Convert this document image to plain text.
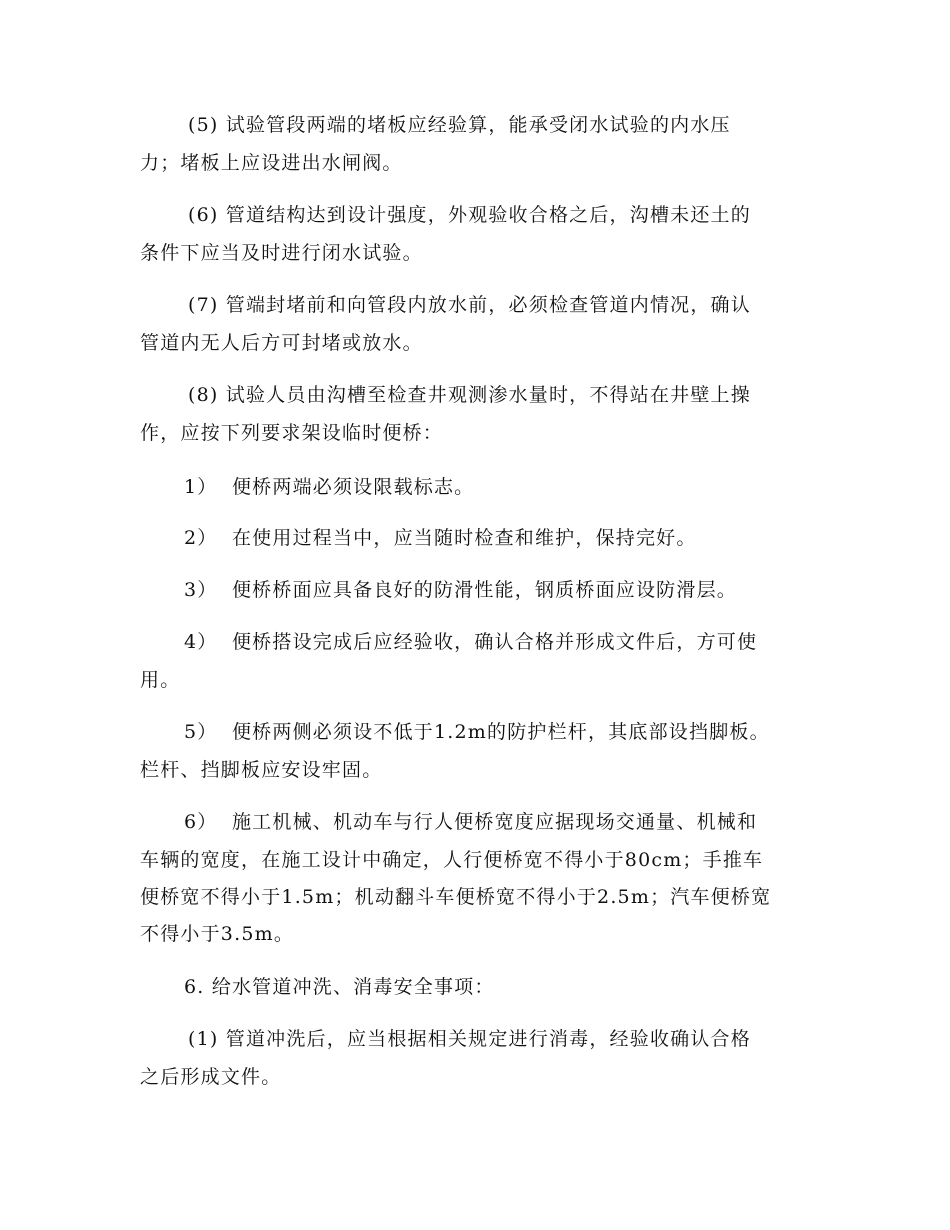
(5) 试验管段两端的堵板应经验算，能承受闭水试验的内水压
力；堵板上应设进出水闸阀。
(6) 管道结构达到设计强度，外观验收合格之后，沟槽未还土的
条件下应当及时进行闭水试验。
(7) 管端封堵前和向管段内放水前，必须检查管道内情况，确认
管道内无人后方可封堵或放水。
(8) 试验人员由沟槽至检查井观测渗水量时，不得站在井壁上操
作，应按下列要求架设临时便桥：
1）  便桥两端必须设限载标志。
2）  在使用过程当中，应当随时检查和维护，保持完好。
3）  便桥桥面应具备良好的防滑性能，钢质桥面应设防滑层。
4）  便桥搭设完成后应经验收，确认合格并形成文件后，方可使
用。
5）  便桥两侧必须设不低于1.2m的防护栏杆，其底部设挡脚板。
栏杆、挡脚板应安设牢固。
6）  施工机械、机动车与行人便桥宽度应据现场交通量、机械和
车辆的宽度，在施工设计中确定，人行便桥宽不得小于80cm；手推车
便桥宽不得小于1.5m；机动翻斗车便桥宽不得小于2.5m；汽车便桥宽
不得小于3.5m。
6. 给水管道冲洗、消毒安全事项：
(1) 管道冲洗后，应当根据相关规定进行消毒，经验收确认合格
之后形成文件。
